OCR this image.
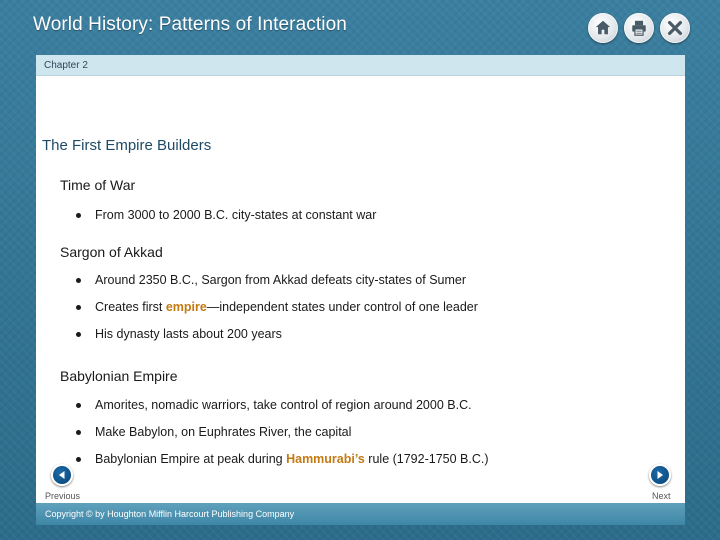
World History: Patterns of Interaction
Chapter 2
The First Empire Builders
Time of War
From 3000 to 2000 B.C. city-states at constant war
Sargon of Akkad
Around 2350 B.C., Sargon from Akkad defeats city-states of Sumer
Creates first empire—independent states under control of one leader
His dynasty lasts about 200 years
Babylonian Empire
Amorites, nomadic warriors, take control of region around 2000 B.C.
Make Babylon, on Euphrates River, the capital
Babylonian Empire at peak during Hammurabi’s rule (1792-1750 B.C.)
Previous	Next
Copyright © by Houghton Mifflin Harcourt Publishing Company
